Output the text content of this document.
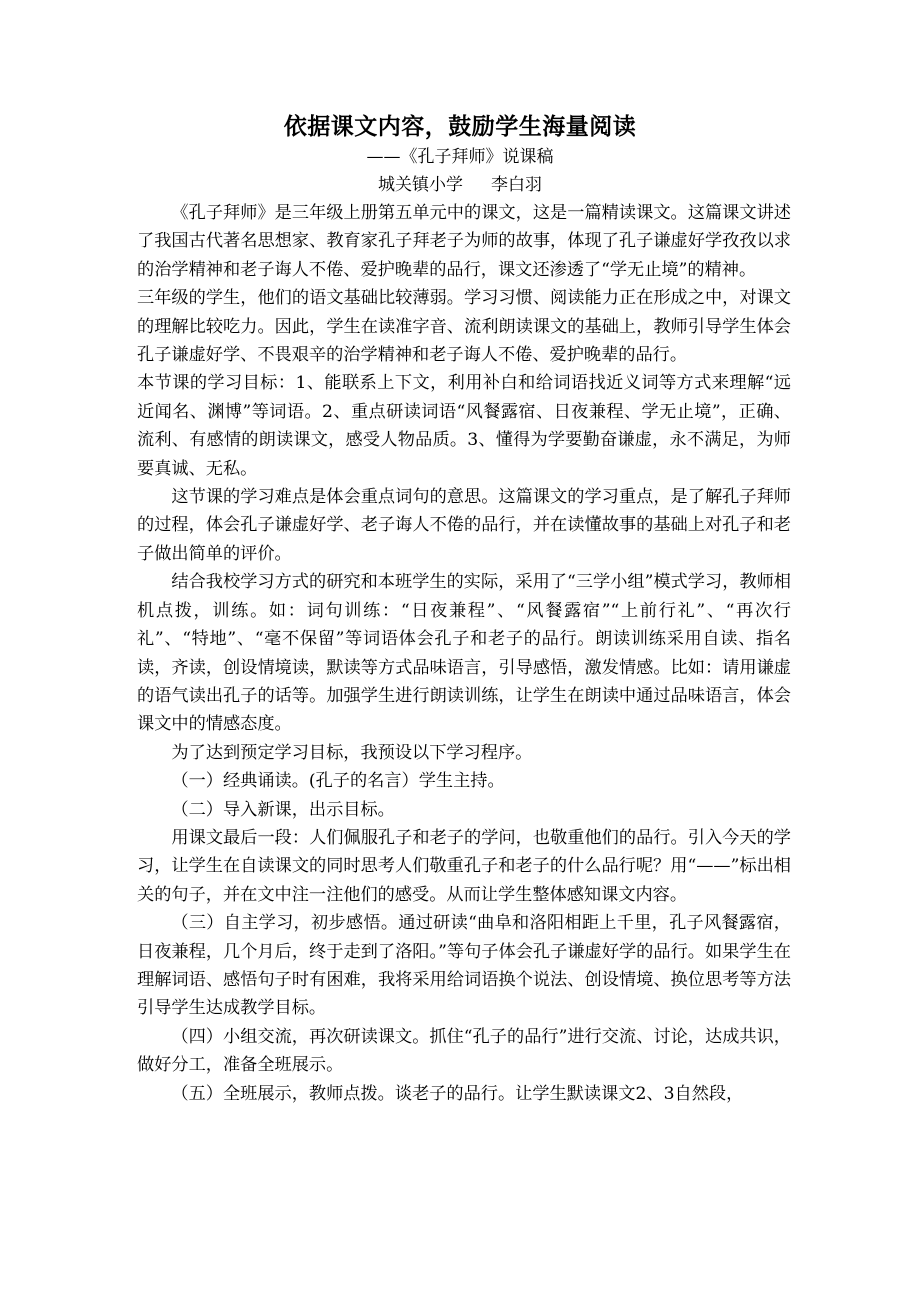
依据课文内容，鼓励学生海量阅读
——《孔子拜师》说课稿
城关镇小学 李白羽

《孔子拜师》是三年级上册第五单元中的课文，这是一篇精读课文。这篇课文讲述了我国古代著名思想家、教育家孔子拜老子为师的故事，体现了孔子谦虚好学孜孜以求的治学精神和老子诲人不倦、爱护晚辈的品行，课文还渗透了“学无止境”的精神。

三年级的学生，他们的语文基础比较薄弱。学习习惯、阅读能力正在形成之中，对课文的理解比较吃力。因此，学生在读准字音、流利朗读课文的基础上，教师引导学生体会孔子谦虚好学、不畏艰辛的治学精神和老子诲人不倦、爱护晚辈的品行。

本节课的学习目标：1、能联系上下文，利用补白和给词语找近义词等方式来理解“远近闻名、渊博”等词语。2、重点研读词语“风餐露宿、日夜兼程、学无止境”，正确、流利、有感情的朗读课文，感受人物品质。3、懂得为学要勤奋谦虚，永不满足，为师要真诚、无私。

这节课的学习难点是体会重点词句的意思。这篇课文的学习重点，是了解孔子拜师的过程，体会孔子谦虚好学、老子诲人不倦的品行，并在读懂故事的基础上对孔子和老子做出简单的评价。

结合我校学习方式的研究和本班学生的实际，采用了“三学小组”模式学习，教师相机点拨，训练。如：词句训练：“日夜兼程”、“风餐露宿”“上前行礼”、“再次行礼”、“特地”、“毫不保留”等词语体会孔子和老子的品行。朗读训练采用自读、指名读，齐读，创设情境读，默读等方式品味语言，引导感悟，激发情感。比如：请用谦虚的语气读出孔子的话等。加强学生进行朗读训练，让学生在朗读中通过品味语言，体会课文中的情感态度。

为了达到预定学习目标，我预设以下学习程序。

（一）经典诵读。(孔子的名言）学生主持。

（二）导入新课，出示目标。

用课文最后一段：人们佩服孔子和老子的学问，也敬重他们的品行。引入今天的学习，让学生在自读课文的同时思考人们敬重孔子和老子的什么品行呢？用“——”标出相关的句子，并在文中注一注他们的感受。从而让学生整体感知课文内容。

（三）自主学习，初步感悟。通过研读“曲阜和洛阳相距上千里，孔子风餐露宿，日夜兼程，几个月后，终于走到了洛阳。”等句子体会孔子谦虚好学的品行。如果学生在理解词语、感悟句子时有困难，我将采用给词语换个说法、创设情境、换位思考等方法引导学生达成教学目标。

（四）小组交流，再次研读课文。抓住“孔子的品行”进行交流、讨论，达成共识，做好分工，准备全班展示。

（五）全班展示，教师点拨。谈老子的品行。让学生默读课文2、3自然段，
